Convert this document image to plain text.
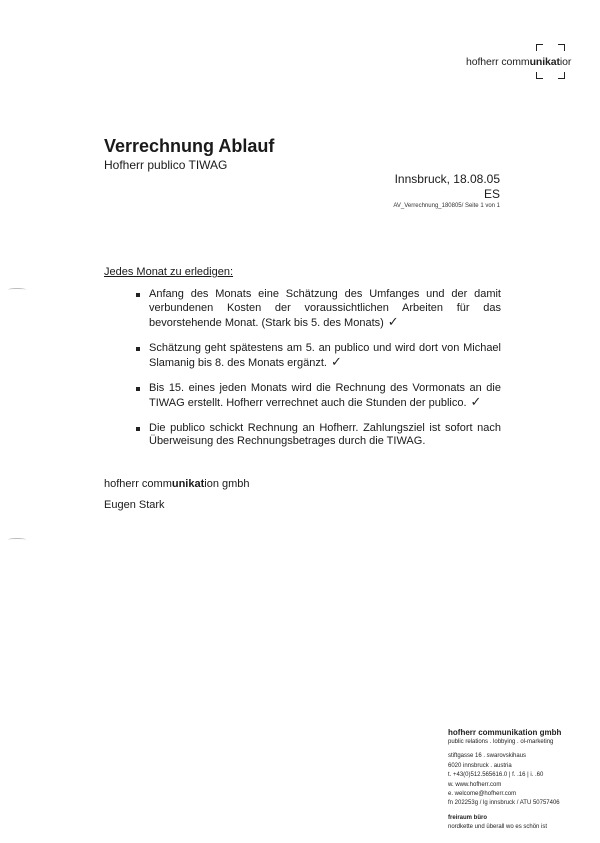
hofherr communikatior
Verrechnung Ablauf
Hofherr publico TIWAG
Innsbruck, 18.08.05
ES
AV_Verrechnung_180805/ Seite 1 von 1
Jedes Monat zu erledigen:
Anfang des Monats eine Schätzung des Umfanges und der damit verbundenen Kosten der voraussichtlichen Arbeiten für das bevorstehende Monat. (Stark bis 5. des Monats) ✓
Schätzung geht spätestens am 5. an publico und wird dort von Michael Slamanig bis 8. des Monats ergänzt. ✓
Bis 15. eines jeden Monats wird die Rechnung des Vormonats an die TIWAG erstellt. Hofherr verrechnet auch die Stunden der publico. ✓
Die publico schickt Rechnung an Hofherr. Zahlungsziel ist sofort nach Überweisung des Rechnungsbetrages durch die TIWAG.
hofherr communikation gmbh
Eugen Stark
hofherr communikation gmbh
public relations . lobbying . ol-marketing
stiftgasse 16 . swarovskihaus
6020 innsbruck . austria
t. +43(0)512.565616.0 | f. .16 | i. .60
w. www.hofherr.com
e. welcome@hofherr.com
fn 202253g / lg innsbruck / ATU 50757406
freiraum büro
nordkette und überall wo es schön ist
